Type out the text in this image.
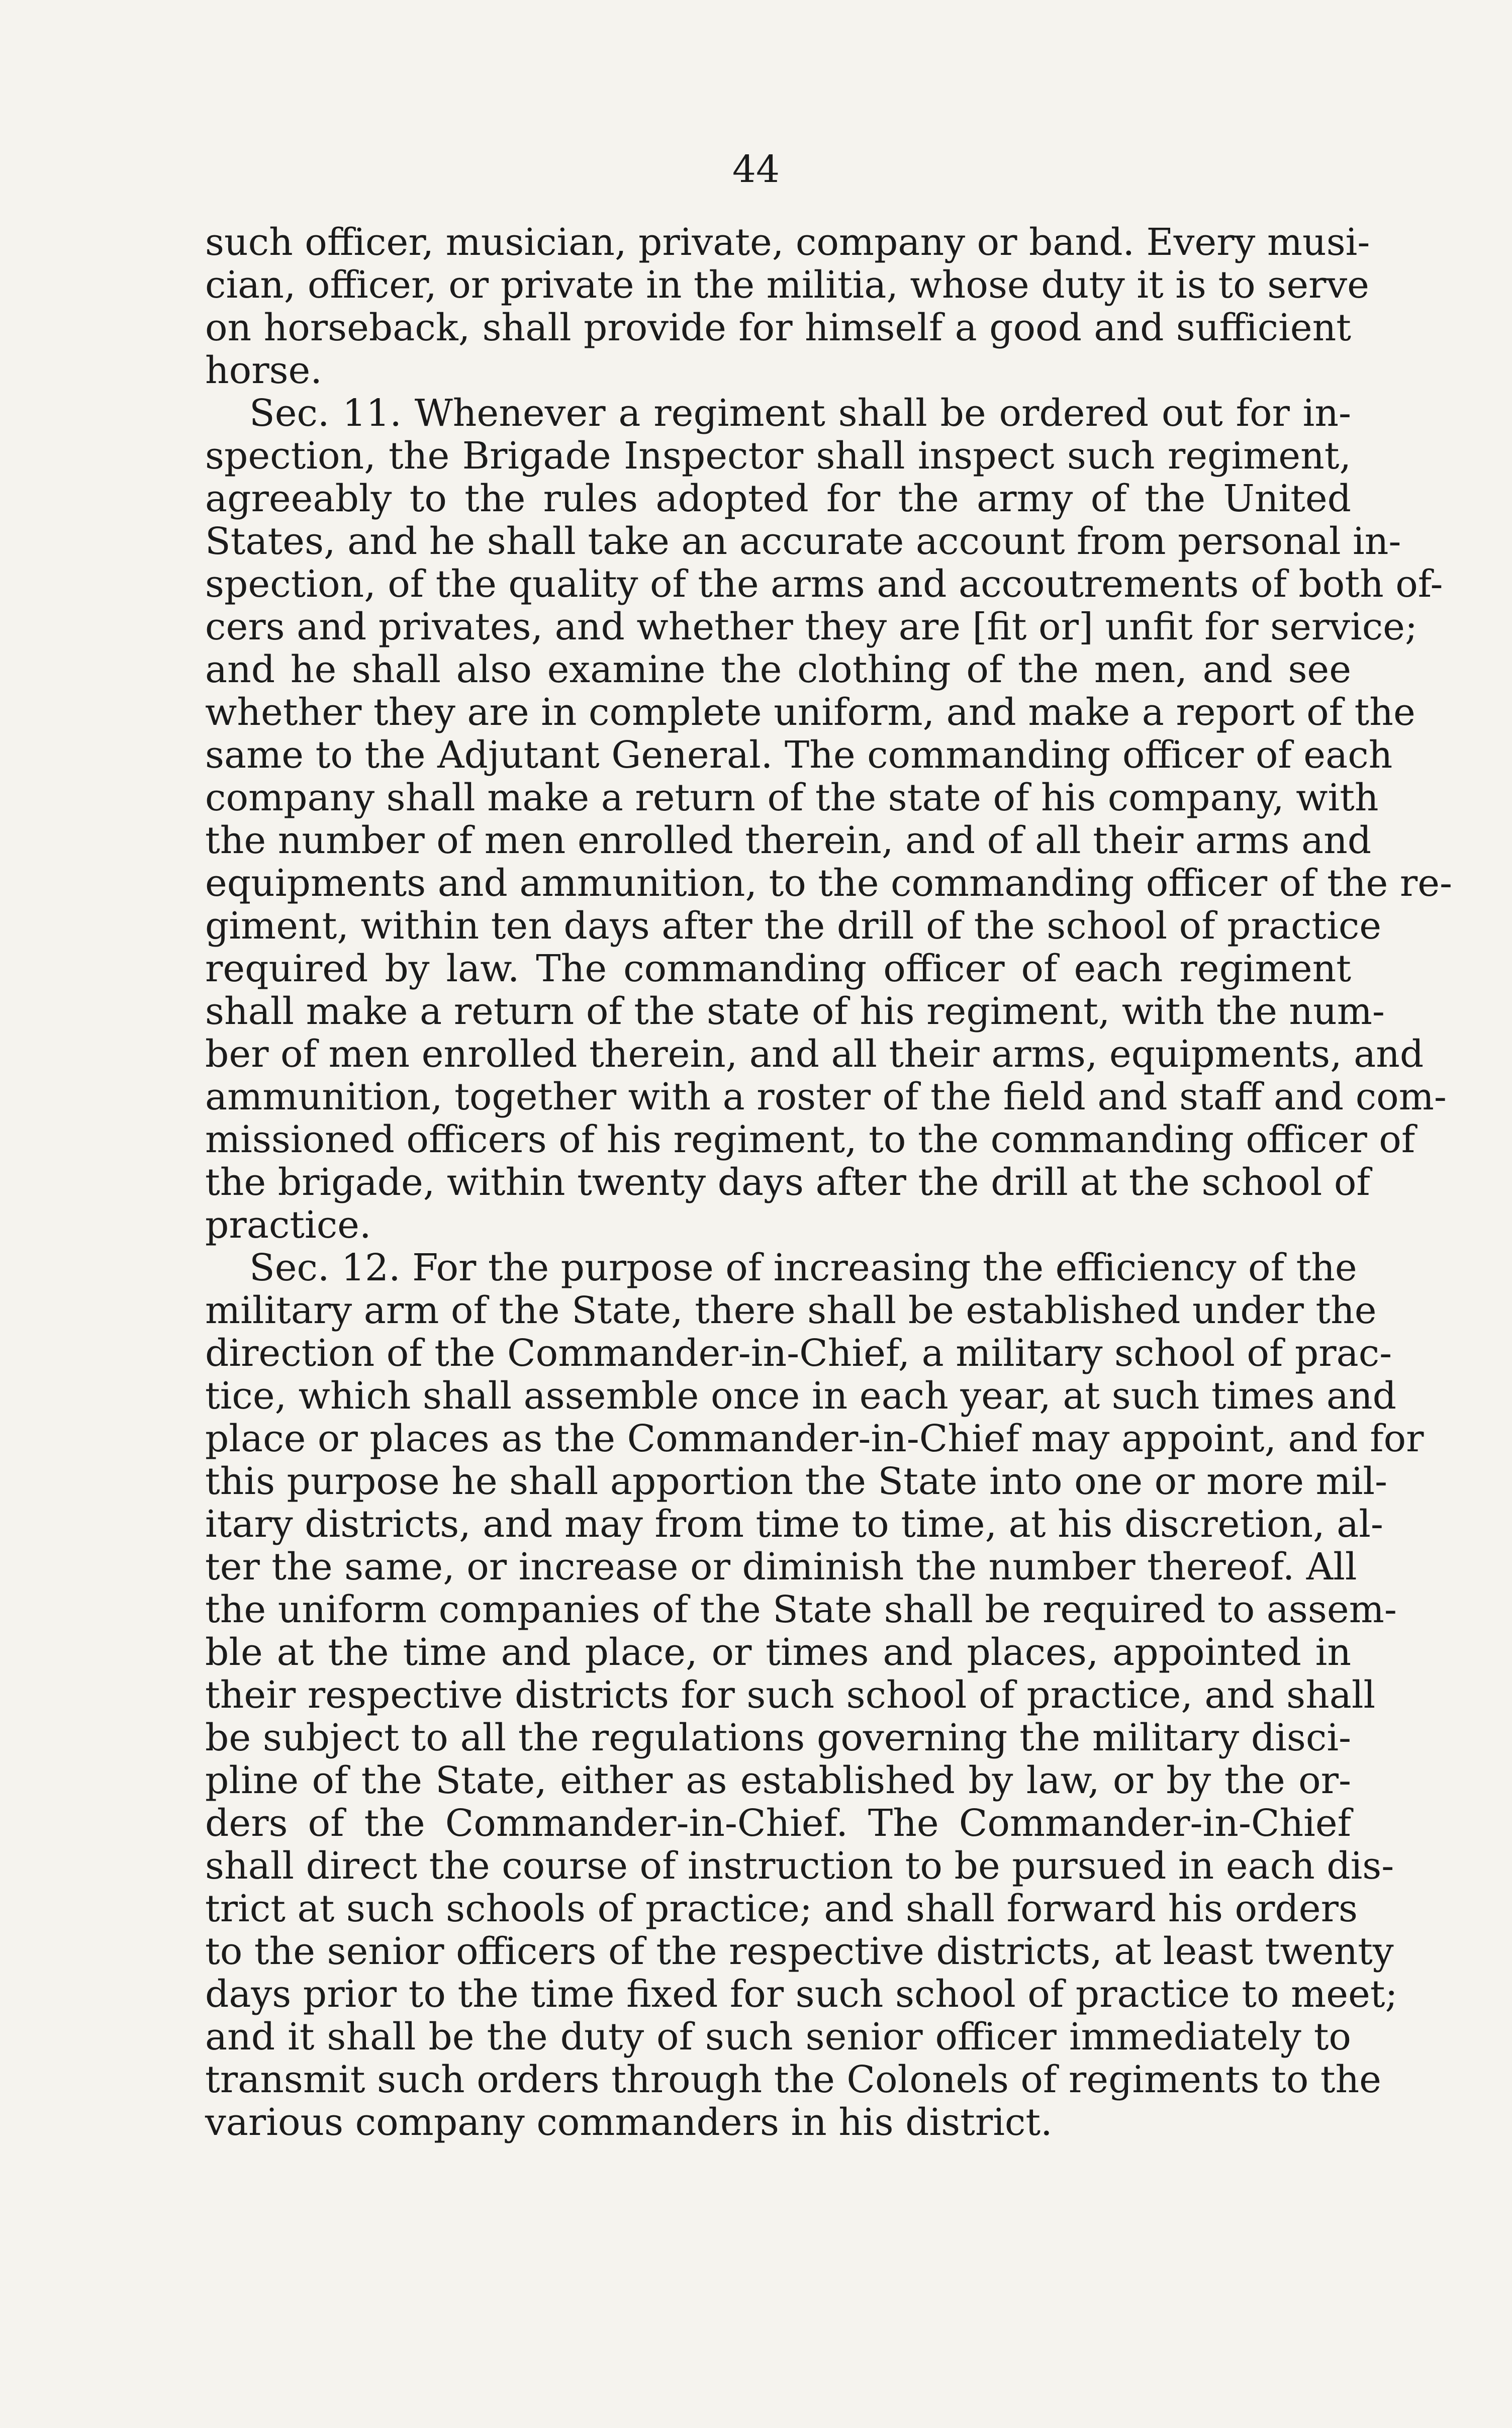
44
such officer, musician, private, company or band. Every musi-
cian, officer, or private in the militia, whose duty it is to serve
on horseback, shall provide for himself a good and sufficient
horse.
Sec. 11. Whenever a regiment shall be ordered out for in-
spection, the Brigade Inspector shall inspect such regiment,
agreeably to the rules adopted for the army of the United
States, and he shall take an accurate account from personal in-
spection, of the quality of the arms and accoutrements of both of-
cers and privates, and whether they are [fit or] unfit for service;
and he shall also examine the clothing of the men, and see
whether they are in complete uniform, and make a report of the
same to the Adjutant General. The commanding officer of each
company shall make a return of the state of his company, with
the number of men enrolled therein, and of all their arms and
equipments and ammunition, to the commanding officer of the re-
giment, within ten days after the drill of the school of practice
required by law. The commanding officer of each regiment
shall make a return of the state of his regiment, with the num-
ber of men enrolled therein, and all their arms, equipments, and
ammunition, together with a roster of the field and staff and com-
missioned officers of his regiment, to the commanding officer of
the brigade, within twenty days after the drill at the school of
practice.
Sec. 12. For the purpose of increasing the efficiency of the
military arm of the State, there shall be established under the
direction of the Commander-in-Chief, a military school of prac-
tice, which shall assemble once in each year, at such times and
place or places as the Commander-in-Chief may appoint, and for
this purpose he shall apportion the State into one or more mil-
itary districts, and may from time to time, at his discretion, al-
ter the same, or increase or diminish the number thereof. All
the uniform companies of the State shall be required to assem-
ble at the time and place, or times and places, appointed in
their respective districts for such school of practice, and shall
be subject to all the regulations governing the military disci-
pline of the State, either as established by law, or by the or-
ders of the Commander-in-Chief. The Commander-in-Chief
shall direct the course of instruction to be pursued in each dis-
trict at such schools of practice; and shall forward his orders
to the senior officers of the respective districts, at least twenty
days prior to the time fixed for such school of practice to meet;
and it shall be the duty of such senior officer immediately to
transmit such orders through the Colonels of regiments to the
various company commanders in his district.
